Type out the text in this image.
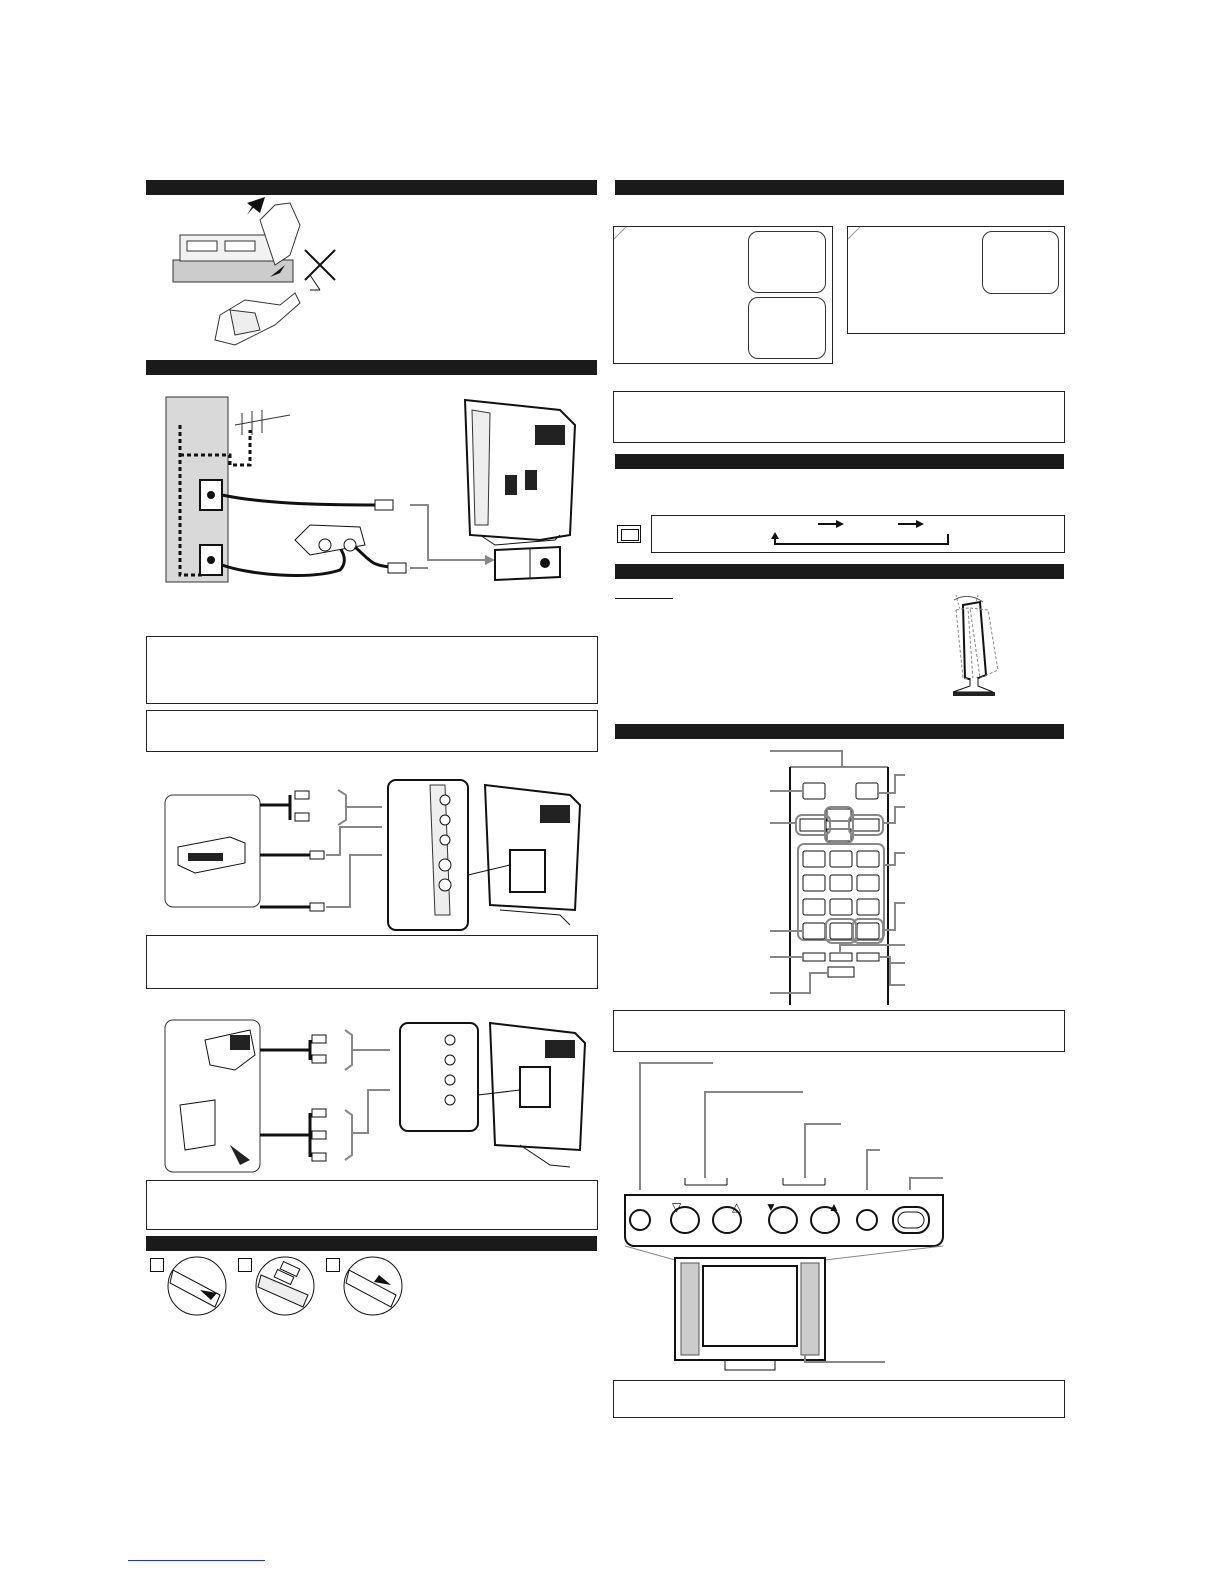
▽	△ ▼	▲
